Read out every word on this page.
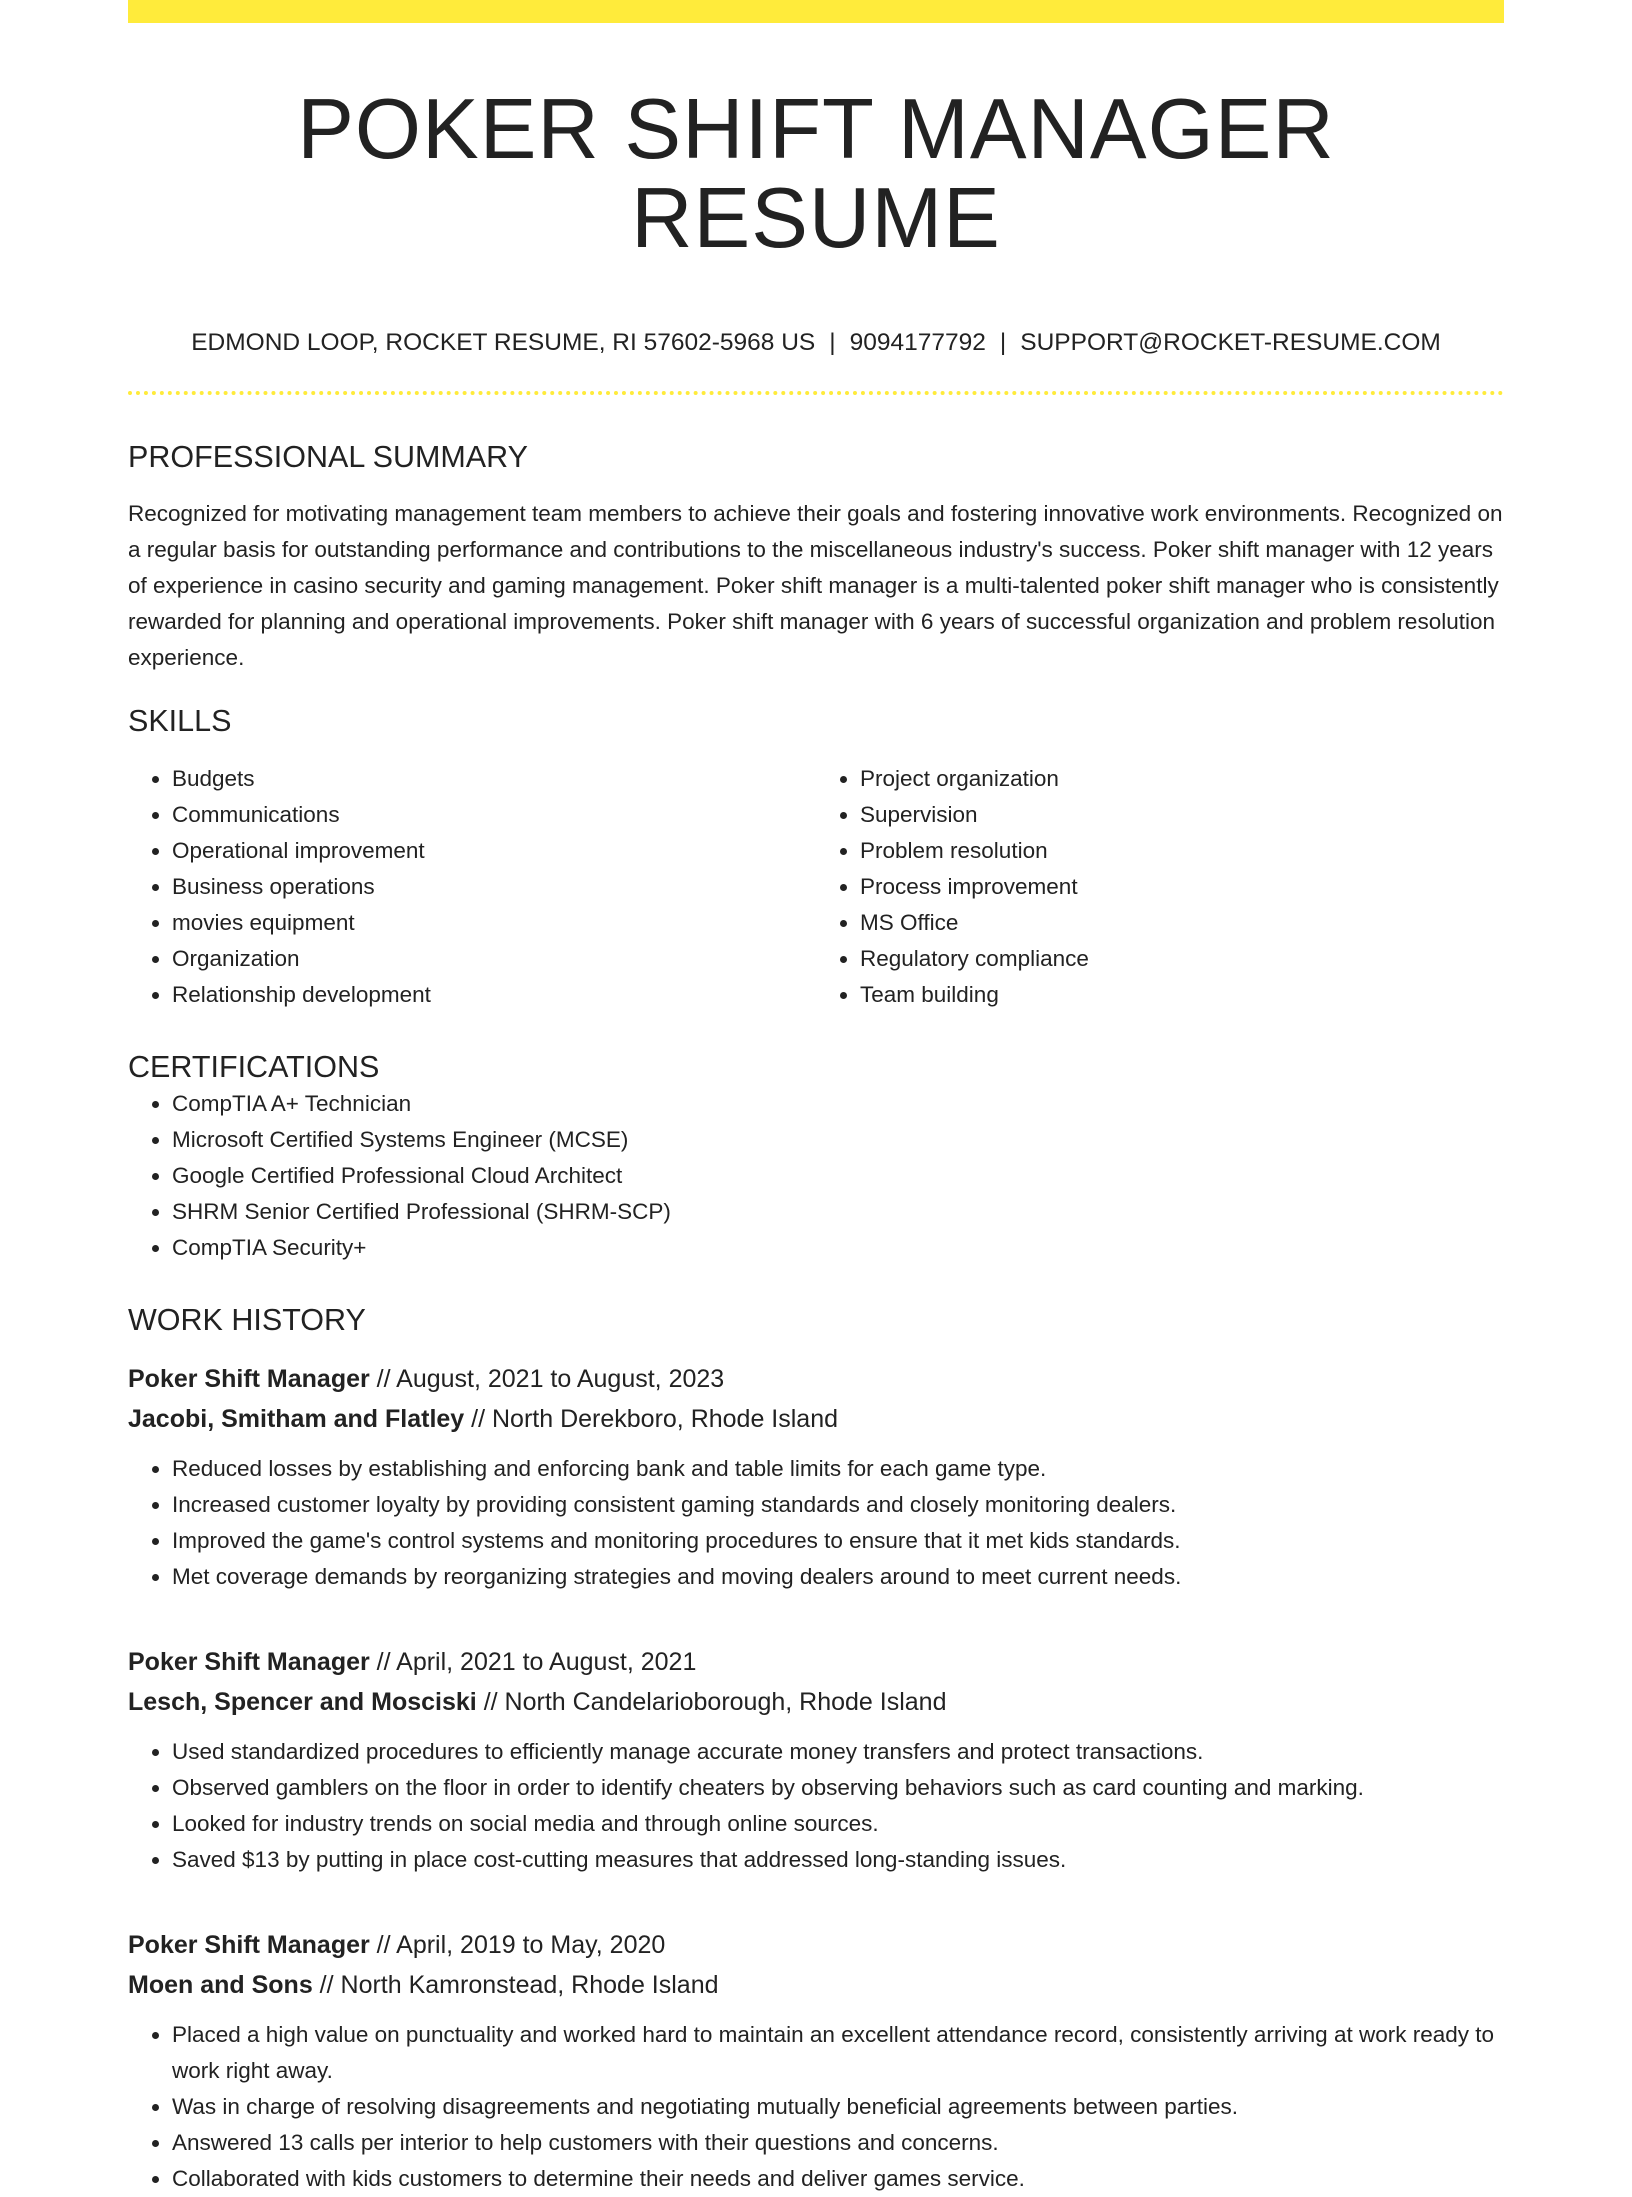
POKER SHIFT MANAGER RESUME
EDMOND LOOP, ROCKET RESUME, RI 57602-5968 US | 9094177792 | SUPPORT@ROCKET-RESUME.COM
PROFESSIONAL SUMMARY

Recognized for motivating management team members to achieve their goals and fostering innovative work environments. Recognized on a regular basis for outstanding performance and contributions to the miscellaneous industry's success. Poker shift manager with 12 years of experience in casino security and gaming management. Poker shift manager is a multi-talented poker shift manager who is consistently rewarded for planning and operational improvements. Poker shift manager with 6 years of successful organization and problem resolution experience.

SKILLS
• Budgets
• Communications
• Operational improvement
• Business operations
• movies equipment
• Organization
• Relationship development
• Project organization
• Supervision
• Problem resolution
• Process improvement
• MS Office
• Regulatory compliance
• Team building
CERTIFICATIONS
• CompTIA A+ Technician
• Microsoft Certified Systems Engineer (MCSE)
• Google Certified Professional Cloud Architect
• SHRM Senior Certified Professional (SHRM-SCP)
• CompTIA Security+
WORK HISTORY
Poker Shift Manager // August, 2021 to August, 2023
Jacobi, Smitham and Flatley // North Derekboro, Rhode Island
• Reduced losses by establishing and enforcing bank and table limits for each game type.
• Increased customer loyalty by providing consistent gaming standards and closely monitoring dealers.
• Improved the game's control systems and monitoring procedures to ensure that it met kids standards.
• Met coverage demands by reorganizing strategies and moving dealers around to meet current needs.
Poker Shift Manager // April, 2021 to August, 2021
Lesch, Spencer and Mosciski // North Candelarioborough, Rhode Island
• Used standardized procedures to efficiently manage accurate money transfers and protect transactions.
• Observed gamblers on the floor in order to identify cheaters by observing behaviors such as card counting and marking.
• Looked for industry trends on social media and through online sources.
• Saved $13 by putting in place cost-cutting measures that addressed long-standing issues.
Poker Shift Manager // April, 2019 to May, 2020
Moen and Sons // North Kamronstead, Rhode Island
• Placed a high value on punctuality and worked hard to maintain an excellent attendance record, consistently arriving at work ready to work right away.
• Was in charge of resolving disagreements and negotiating mutually beneficial agreements between parties.
• Answered 13 calls per interior to help customers with their questions and concerns.
• Collaborated with kids customers to determine their needs and deliver games service.
